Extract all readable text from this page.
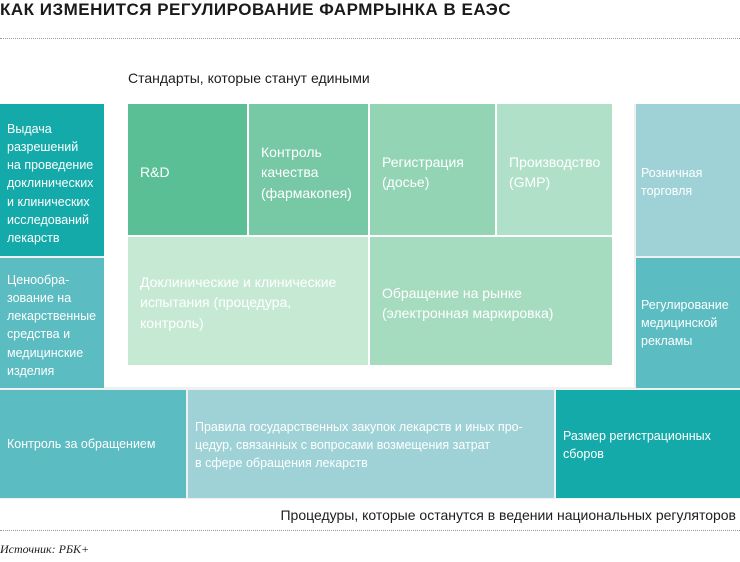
КАК ИЗМЕНИТСЯ РЕГУЛИРОВАНИЕ ФАРМРЫНКА В ЕАЭС
Стандарты, которые станут едиными
Выдача
разрешений
на проведение
доклинических
и клинических
исследований
лекарств
Ценообра-
зование на
лекарственные
средства и
медицинские
изделия
Розничная
торговля
Регулирование
медицинской
рекламы
Контроль за обращением
Правила государственных закупок лекарств и иных про-
цедур, связанных с вопросами возмещения затрат
в сфере обращения лекарств
Размер регистрационных
сборов
R&D
Контроль
качества
(фармакопея)
Регистрация
(досье)
Производство
(GMP)
Доклинические и клинические
испытания (процедура,
контроль)
Обращение на рынке
(электронная маркировка)
Процедуры, которые останутся в ведении национальных регуляторов
Источник: РБК+
